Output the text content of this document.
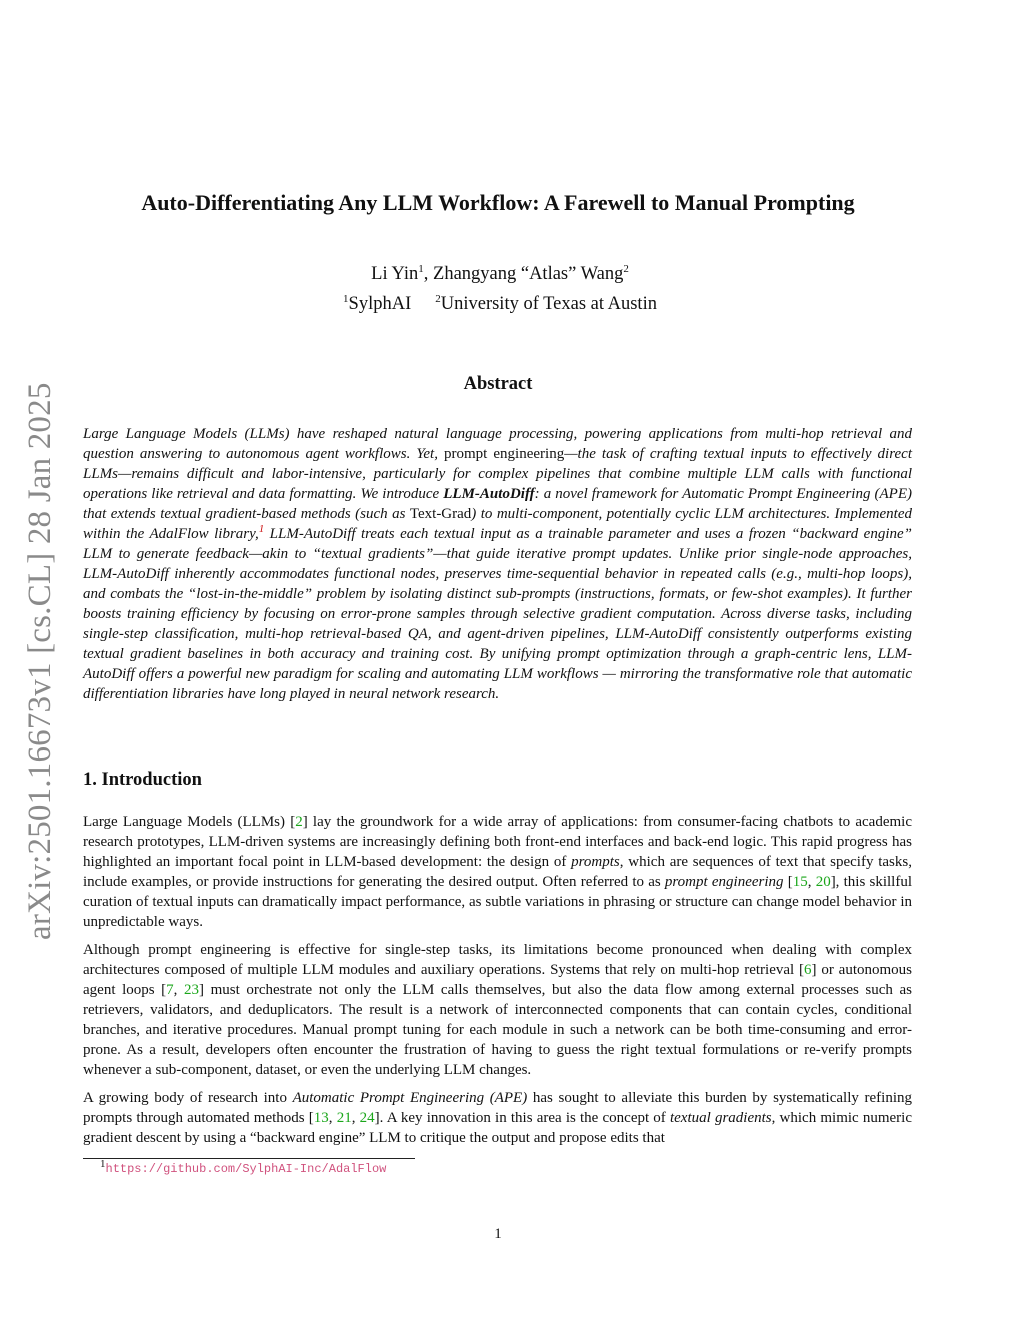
arXiv:2501.16673v1 [cs.CL] 28 Jan 2025
Auto-Differentiating Any LLM Workflow: A Farewell to Manual Prompting
Li Yin$^1$, Zhangyang “Atlas” Wang$^2$
$^1$SylphAI $^2$University of Texas at Austin
Abstract
Large Language Models (LLMs) have reshaped natural language processing, powering applications from multi-hop retrieval and question answering to autonomous agent workflows. Yet, prompt engineering—the task of crafting textual inputs to effectively direct LLMs—remains difficult and labor-intensive, particularly for complex pipelines that combine multiple LLM calls with functional operations like retrieval and data formatting. We introduce LLM-AutoDiff: a novel framework for Automatic Prompt Engineering (APE) that extends textual gradient-based methods (such as Text-Grad) to multi-component, potentially cyclic LLM architectures. Implemented within the AdalFlow library,$^1$ LLM-AutoDiff treats each textual input as a trainable parameter and uses a frozen “backward engine” LLM to generate feedback—akin to “textual gradients”—that guide iterative prompt updates. Unlike prior single-node approaches, LLM-AutoDiff inherently accommodates functional nodes, preserves time-sequential behavior in repeated calls (e.g., multi-hop loops), and combats the “lost-in-the-middle” problem by isolating distinct sub-prompts (instructions, formats, or few-shot examples). It further boosts training efficiency by focusing on error-prone samples through selective gradient computation. Across diverse tasks, including single-step classification, multi-hop retrieval-based QA, and agent-driven pipelines, LLM-AutoDiff consistently outperforms existing textual gradient baselines in both accuracy and training cost. By unifying prompt optimization through a graph-centric lens, LLM-AutoDiff offers a powerful new paradigm for scaling and automating LLM workflows — mirroring the transformative role that automatic differentiation libraries have long played in neural network research.
1. Introduction
Large Language Models (LLMs) [2] lay the groundwork for a wide array of applications: from consumer-facing chatbots to academic research prototypes, LLM-driven systems are increasingly defining both front-end interfaces and back-end logic. This rapid progress has highlighted an important focal point in LLM-based development: the design of prompts, which are sequences of text that specify tasks, include examples, or provide instructions for generating the desired output. Often referred to as prompt engineering [15, 20], this skillful curation of textual inputs can dramatically impact performance, as subtle variations in phrasing or structure can change model behavior in unpredictable ways.
Although prompt engineering is effective for single-step tasks, its limitations become pronounced when dealing with complex architectures composed of multiple LLM modules and auxiliary operations. Systems that rely on multi-hop retrieval [6] or autonomous agent loops [7, 23] must orchestrate not only the LLM calls themselves, but also the data flow among external processes such as retrievers, validators, and deduplicators. The result is a network of interconnected components that can contain cycles, conditional branches, and iterative procedures. Manual prompt tuning for each module in such a network can be both time-consuming and error-prone. As a result, developers often encounter the frustration of having to guess the right textual formulations or re-verify prompts whenever a sub-component, dataset, or even the underlying LLM changes.
A growing body of research into Automatic Prompt Engineering (APE) has sought to alleviate this burden by systematically refining prompts through automated methods [13, 21, 24]. A key innovation in this area is the concept of textual gradients, which mimic numeric gradient descent by using a “backward engine” LLM to critique the output and propose edits that
$^1$https://github.com/SylphAI-Inc/AdalFlow
1
